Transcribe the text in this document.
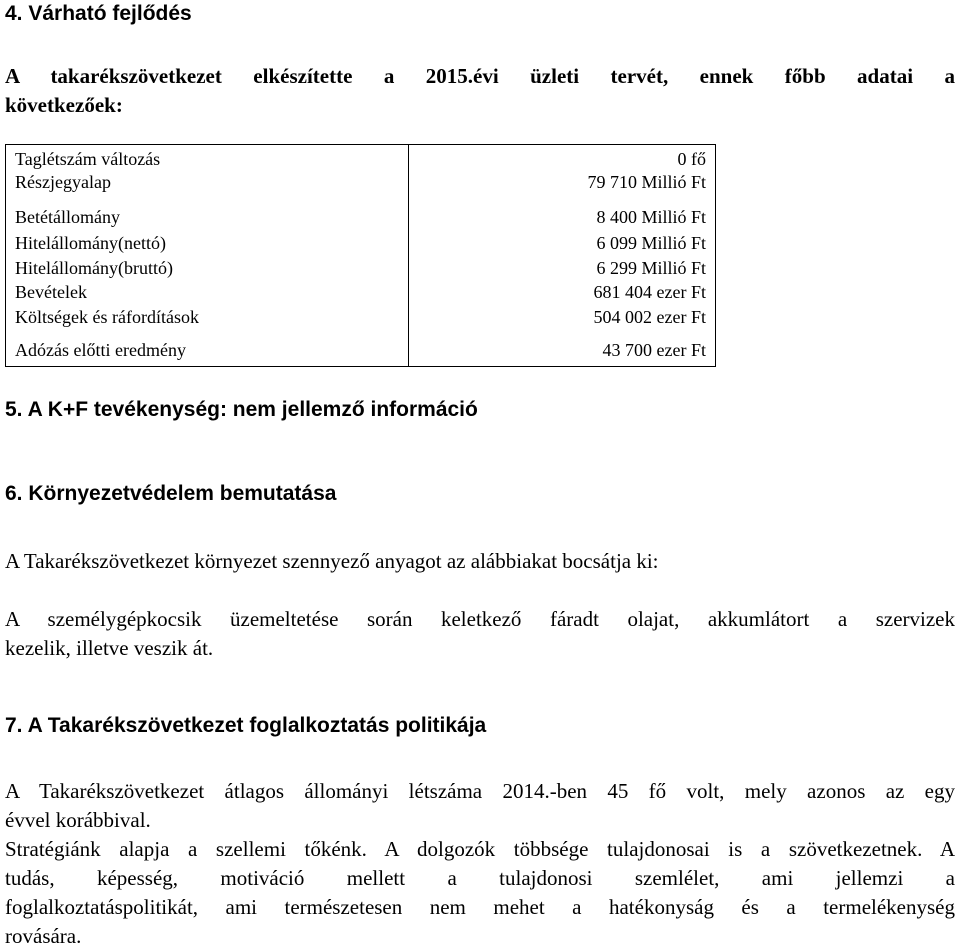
4. Várható fejlődés
A takarékszövetkezet elkészítette a 2015.évi üzleti tervét, ennek főbb adatai a
következőek:
Taglétszám változás	0 fő
Részjegyalap	79 710 Millió Ft
Betétállomány	8 400 Millió Ft
Hitelállomány(nettó)	6 099 Millió Ft
Hitelállomány(bruttó)	6 299 Millió Ft
Bevételek	681 404 ezer Ft
Költségek és ráfordítások	504 002 ezer Ft
Adózás előtti eredmény	43 700 ezer Ft
5. A K+F tevékenység: nem jellemző információ
6. Környezetvédelem bemutatása
A Takarékszövetkezet környezet szennyező anyagot az alábbiakat bocsátja ki:
A személygépkocsik üzemeltetése során keletkező fáradt olajat, akkumlátort a szervizek
kezelik, illetve veszik át.
7. A Takarékszövetkezet foglalkoztatás politikája
A Takarékszövetkezet átlagos állományi létszáma 2014.-ben 45 fő volt, mely azonos az egy
évvel korábbival.
Stratégiánk alapja a szellemi tőkénk. A dolgozók többsége tulajdonosai is a szövetkezetnek. A
tudás, képesség, motiváció mellett a tulajdonosi szemlélet, ami jellemzi a
foglalkoztatáspolitikát, ami természetesen nem mehet a hatékonyság és a termelékenység
rovására.
